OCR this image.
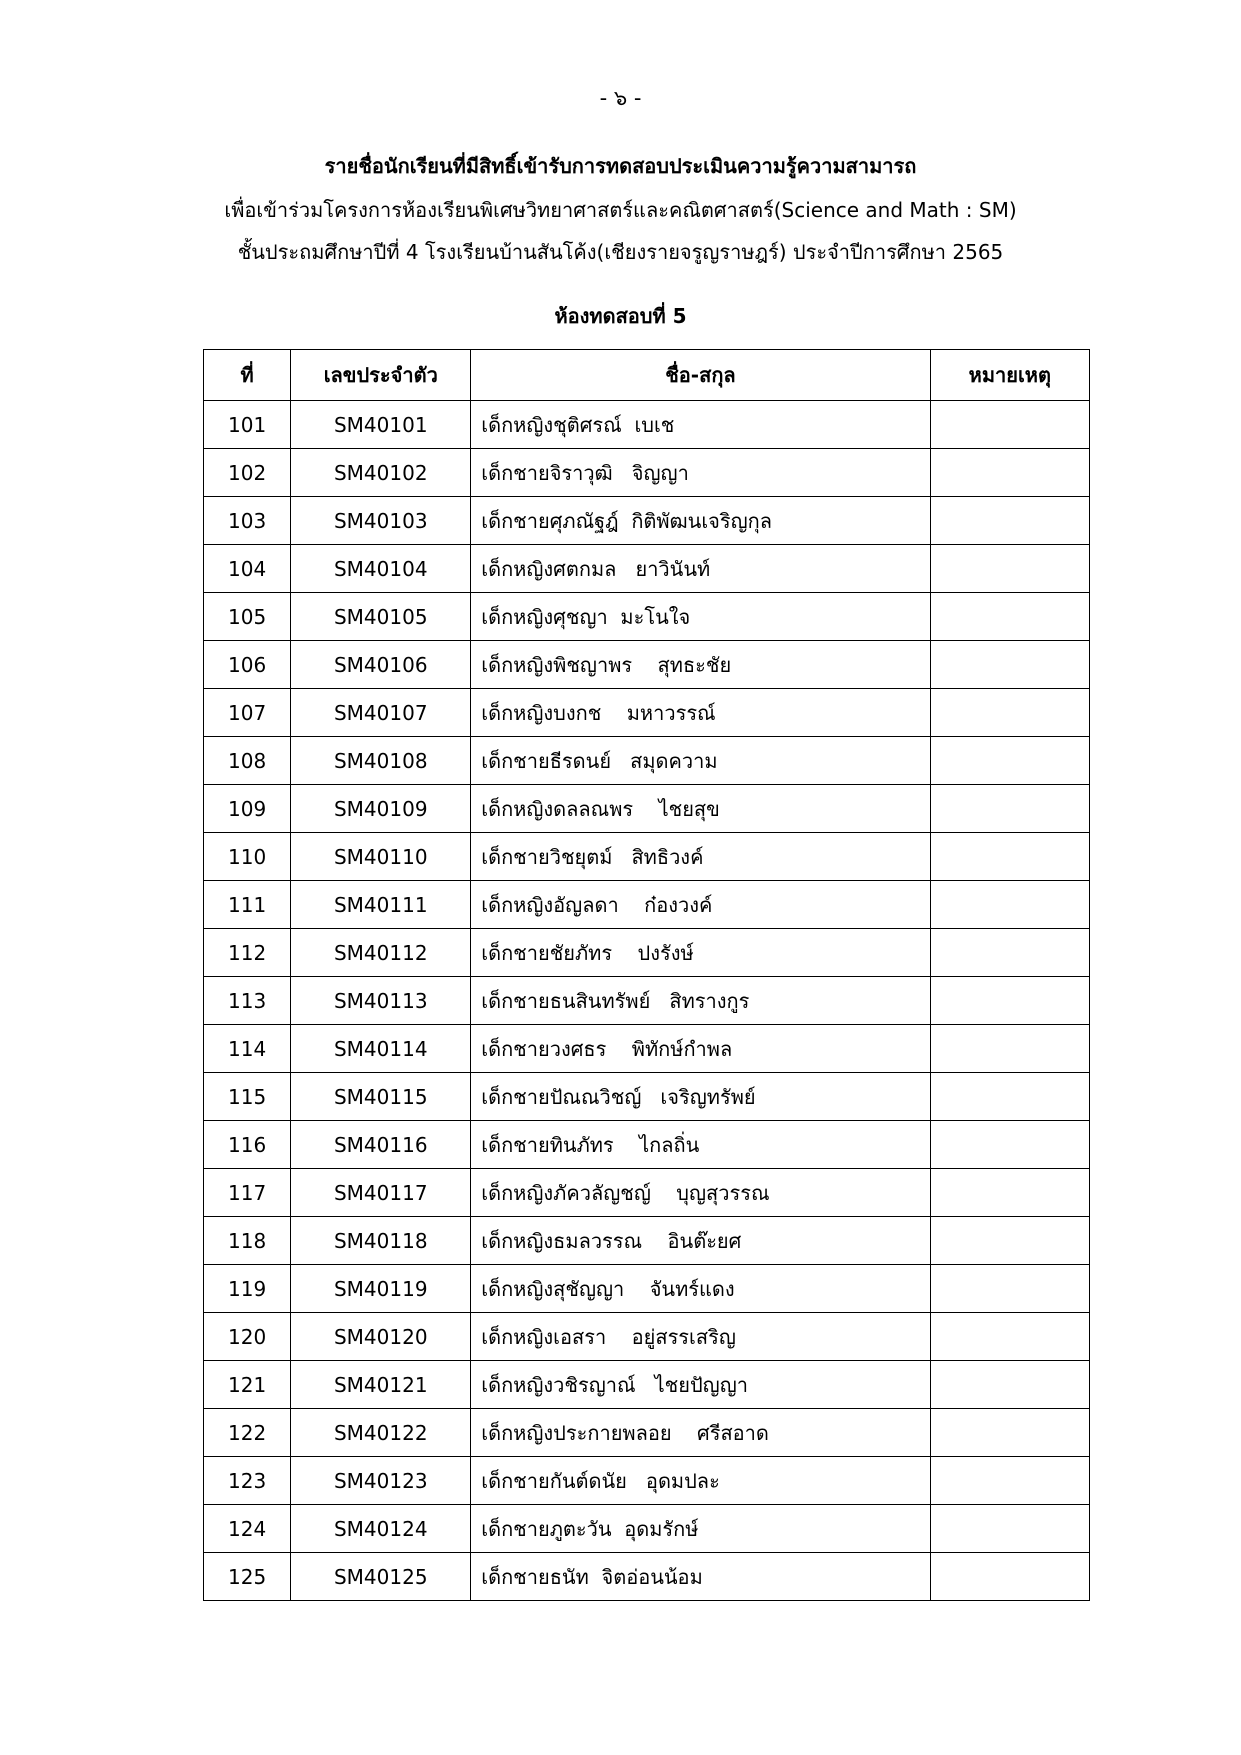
- ๖ -
รายชื่อนักเรียนที่มีสิทธิ์เข้ารับการทดสอบประเมินความรู้ความสามารถ
เพื่อเข้าร่วมโครงการห้องเรียนพิเศษวิทยาศาสตร์และคณิตศาสตร์(Science and Math : SM)
ชั้นประถมศึกษาปีที่ 4 โรงเรียนบ้านสันโค้ง(เชียงรายจรูญราษฎร์) ประจำปีการศึกษา 2565
ห้องทดสอบที่ 5
ที่	เลขประจำตัว	ชื่อ-สกุล	หมายเหตุ
101	SM40101	เด็กหญิงชุติศรณ์  เบเช	
102	SM40102	เด็กชายจิราวุฒิ   จิญญา	
103	SM40103	เด็กชายศุภณัฐฎ์  กิติพัฒนเจริญกุล	
104	SM40104	เด็กหญิงศตกมล   ยาวินันท์	
105	SM40105	เด็กหญิงศุชญา  มะโนใจ	
106	SM40106	เด็กหญิงพิชญาพร    สุทธะชัย	
107	SM40107	เด็กหญิงบงกช    มหาวรรณ์	
108	SM40108	เด็กชายธีรดนย์   สมุดความ	
109	SM40109	เด็กหญิงดลลณพร    ไชยสุข	
110	SM40110	เด็กชายวิชยุตม์   สิทธิวงค์	
111	SM40111	เด็กหญิงอัญลดา    ก๋องวงค์	
112	SM40112	เด็กชายชัยภัทร    ปงรังษ์	
113	SM40113	เด็กชายธนสินทรัพย์   สิทรางกูร	
114	SM40114	เด็กชายวงศธร    พิทักษ์กำพล	
115	SM40115	เด็กชายปัณณวิชญ์   เจริญทรัพย์	
116	SM40116	เด็กชายทินภัทร    ไกลถิ่น	
117	SM40117	เด็กหญิงภัควลัญชญ์    บุญสุวรรณ	
118	SM40118	เด็กหญิงธมลวรรณ    อินต๊ะยศ	
119	SM40119	เด็กหญิงสุชัญญา    จันทร์แดง	
120	SM40120	เด็กหญิงเอสรา    อยู่สรรเสริญ	
121	SM40121	เด็กหญิงวชิรญาณ์   ไชยปัญญา	
122	SM40122	เด็กหญิงประกายพลอย    ศรีสอาด	
123	SM40123	เด็กชายกันต์ดนัย   อุดมปละ	
124	SM40124	เด็กชายภูตะวัน  อุดมรักษ์	
125	SM40125	เด็กชายธนัท  จิตอ่อนน้อม	
